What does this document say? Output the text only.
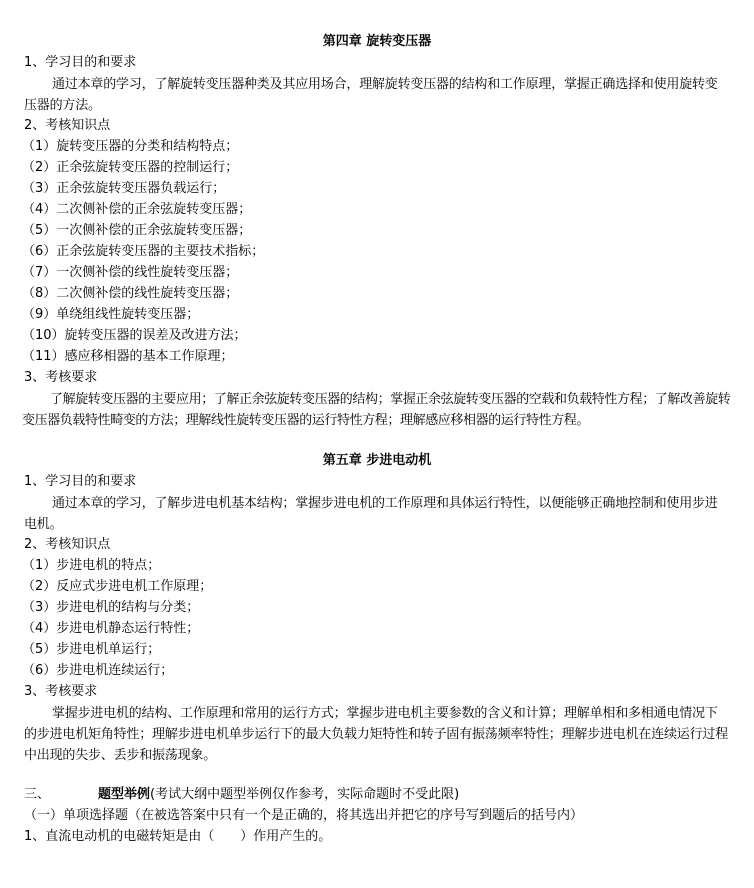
第四章 旋转变压器
1、学习目的和要求
通过本章的学习，了解旋转变压器种类及其应用场合，理解旋转变压器的结构和工作原理，掌握正确选择和使用旋转变压器的方法。
2、考核知识点
（1）旋转变压器的分类和结构特点；
（2）正余弦旋转变压器的控制运行；
（3）正余弦旋转变压器负载运行；
（4）二次侧补偿的正余弦旋转变压器；
（5）一次侧补偿的正余弦旋转变压器；
（6）正余弦旋转变压器的主要技术指标；
（7）一次侧补偿的线性旋转变压器；
（8）二次侧补偿的线性旋转变压器；
（9）单绕组线性旋转变压器；
（10）旋转变压器的误差及改进方法；
（11）感应移相器的基本工作原理；
3、考核要求
了解旋转变压器的主要应用；了解正余弦旋转变压器的结构；掌握正余弦旋转变压器的空载和负载特性方程；了解改善旋转变压器负载特性畸变的方法；理解线性旋转变压器的运行特性方程；理解感应移相器的运行特性方程。
第五章 步进电动机
1、学习目的和要求
通过本章的学习，了解步进电机基本结构；掌握步进电机的工作原理和具体运行特性，以便能够正确地控制和使用步进电机。
2、考核知识点
（1）步进电机的特点；
（2）反应式步进电机工作原理；
（3）步进电机的结构与分类；
（4）步进电机静态运行特性；
（5）步进电机单运行；
（6）步进电机连续运行；
3、考核要求
掌握步进电机的结构、工作原理和常用的运行方式；掌握步进电机主要参数的含义和计算；理解单相和多相通电情况下的步进电机矩角特性；理解步进电机单步运行下的最大负载力矩特性和转子固有振荡频率特性；理解步进电机在连续运行过程中出现的失步、丢步和振荡现象。
三、	题型举例(考试大纲中题型举例仅作参考，实际命题时不受此限)
（一）单项选择题（在被选答案中只有一个是正确的，将其选出并把它的序号写到题后的括号内）
1、直流电动机的电磁转矩是由（　　）作用产生的。
